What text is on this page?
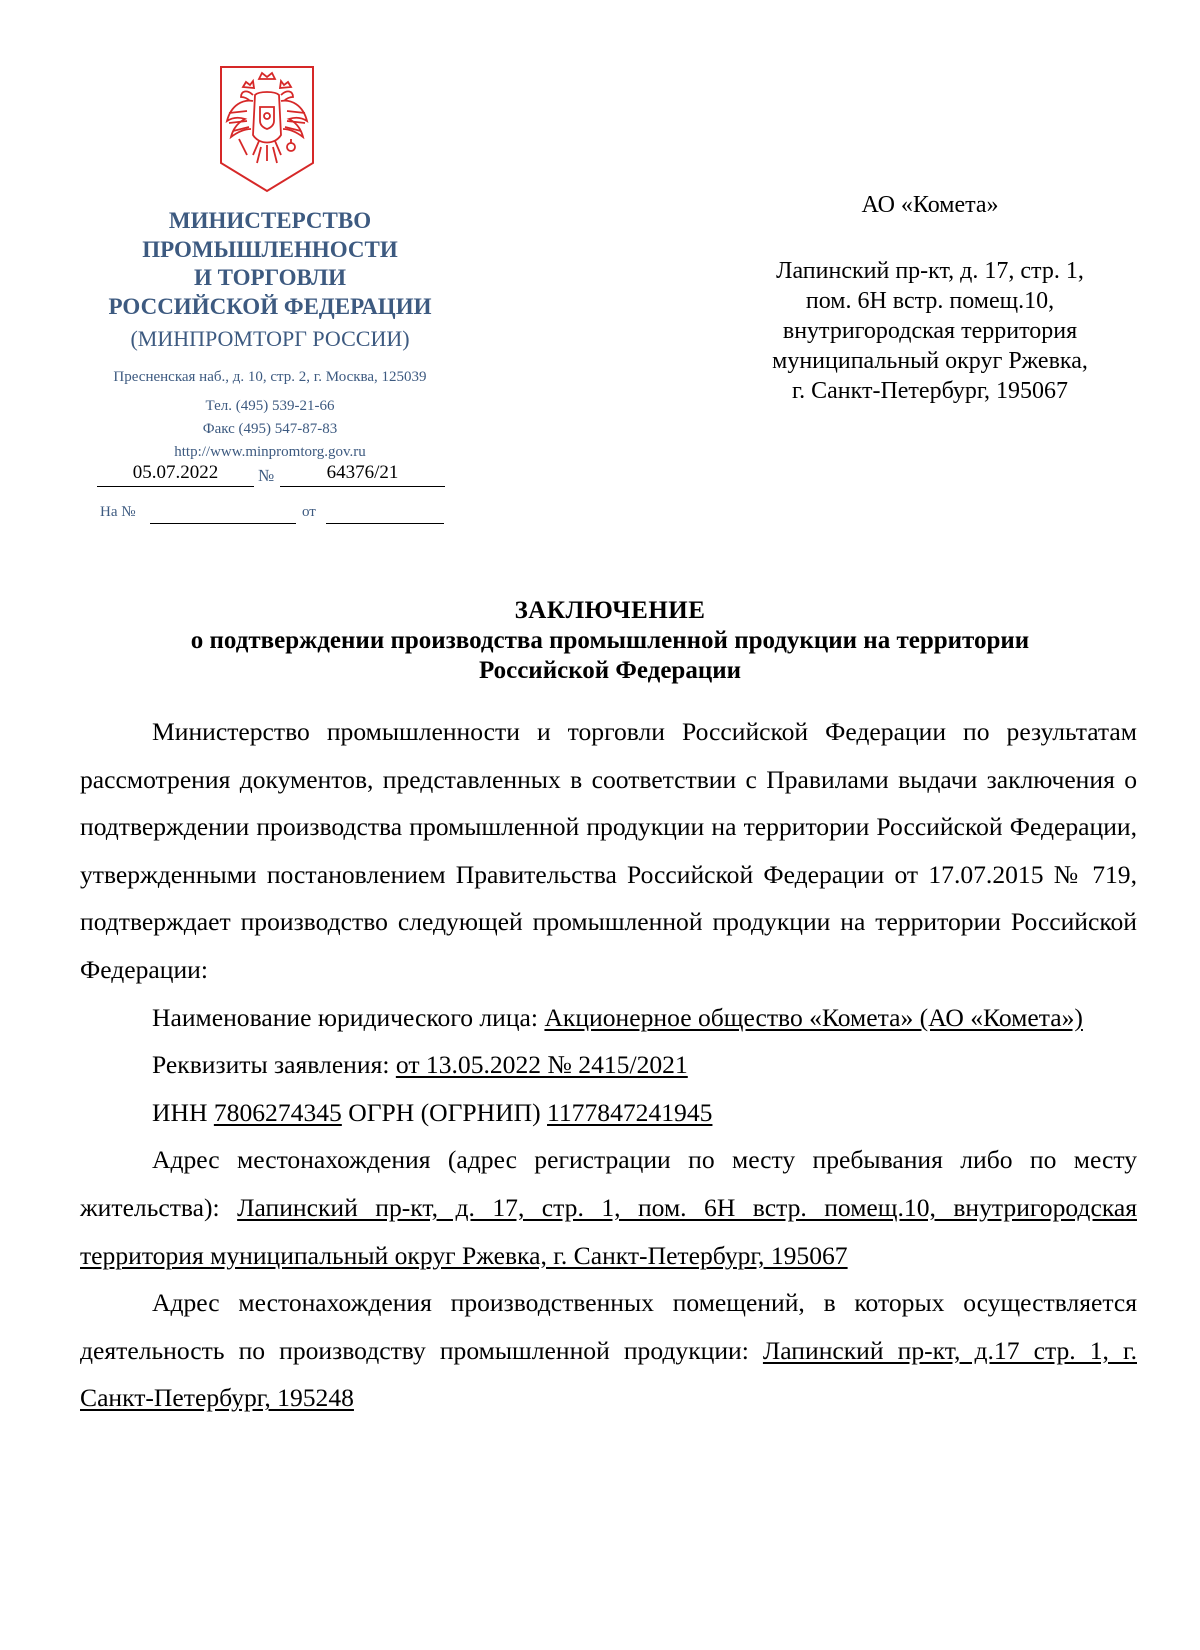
МИНИСТЕРСТВО
ПРОМЫШЛЕННОСТИ
И ТОРГОВЛИ
РОССИЙСКОЙ ФЕДЕРАЦИИ
(МИНПРОМТОРГ РОССИИ)
Пресненская наб., д. 10, стр. 2, г. Москва, 125039
Тел. (495) 539-21-66
Факс (495) 547-87-83
http://www.minpromtorg.gov.ru
05.07.2022	№	64376/21
На №	от
АО «Комета»
Лапинский пр-кт, д. 17, стр. 1,
пом. 6Н встр. помещ.10,
внутригородская территория
муниципальный округ Ржевка,
г. Санкт-Петербург, 195067
ЗАКЛЮЧЕНИЕ
о подтверждении производства промышленной продукции на территории
Российской Федерации

Министерство промышленности и торговли Российской Федерации по результатам рассмотрения документов, представленных в соответствии с Правилами выдачи заключения о подтверждении производства промышленной продукции на территории Российской Федерации, утвержденными постановлением Правительства Российской Федерации от 17.07.2015 № 719, подтверждает производство следующей промышленной продукции на территории Российской Федерации:

Наименование юридического лица: Акционерное общество «Комета» (АО «Комета»)

Реквизиты заявления: от 13.05.2022 № 2415/2021

ИНН 7806274345 ОГРН (ОГРНИП) 1177847241945

Адрес местонахождения (адрес регистрации по месту пребывания либо по месту жительства): Лапинский пр-кт, д. 17, стр. 1, пом. 6Н встр. помещ.10, внутригородская территория муниципальный округ Ржевка, г. Санкт-Петербург, 195067

Адрес местонахождения производственных помещений, в которых осуществляется деятельность по производству промышленной продукции: Лапинский пр-кт, д.17 стр. 1, г. Санкт-Петербург, 195248
